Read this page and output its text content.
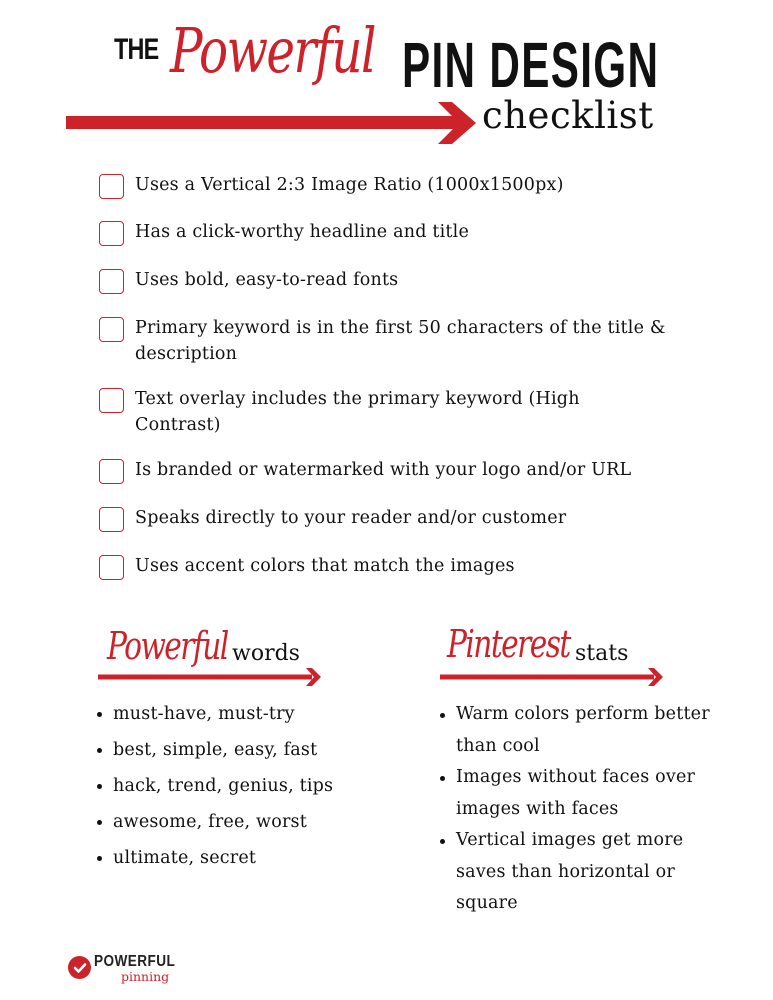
THE Powerful PIN DESIGN
checklist
Uses a Vertical 2:3 Image Ratio (1000x1500px)
Has a click-worthy headline and title
Uses bold, easy-to-read fonts
Primary keyword is in the first 50 characters of the title & description
Text overlay includes the primary keyword (High Contrast)
Is branded or watermarked with your logo and/or URL
Speaks directly to your reader and/or customer
Uses accent colors that match the images
Powerful words
must-have, must-try
best, simple, easy, fast
hack, trend, genius, tips
awesome, free, worst
ultimate, secret
Pinterest stats
Warm colors perform better than cool
Images without faces over images with faces
Vertical images get more saves than horizontal or square
POWERFUL
pinning
